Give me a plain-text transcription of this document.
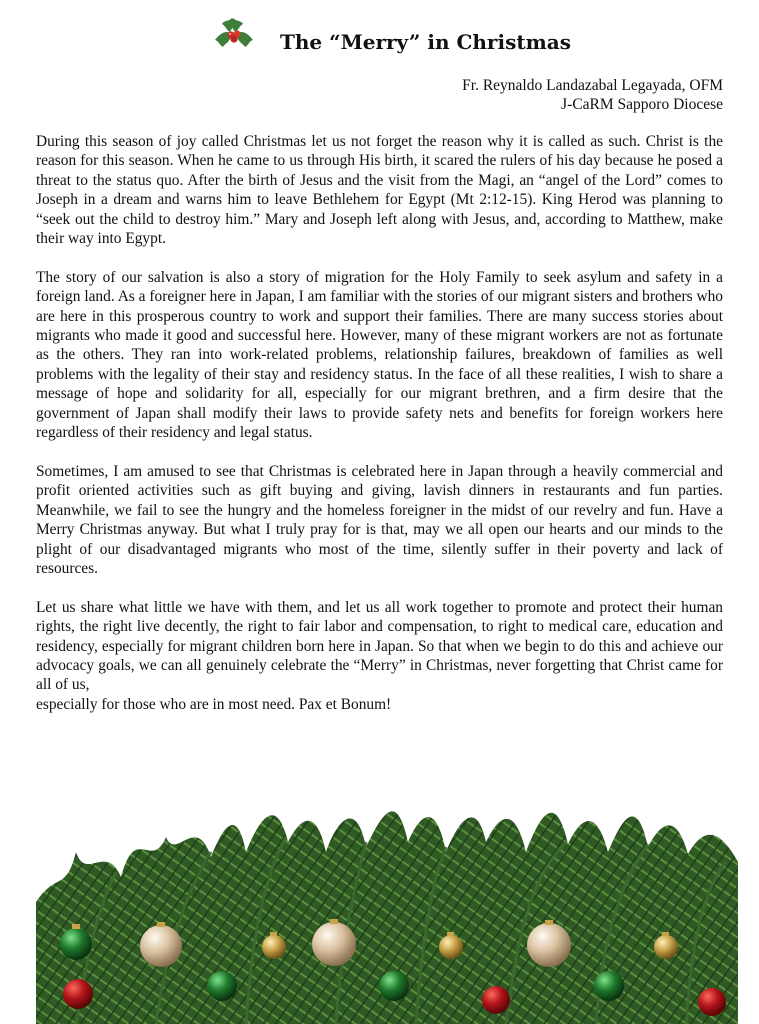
The “Merry” in Christmas
Fr. Reynaldo Landazabal Legayada, OFM
J-CaRM Sapporo Diocese

During this season of joy called Christmas let us not forget the reason why it is called as such. Christ is the reason for this season. When he came to us through His birth, it scared the rulers of his day because he posed a threat to the status quo. After the birth of Jesus and the visit from the Magi, an “angel of the Lord” comes to Joseph in a dream and warns him to leave Bethlehem for Egypt (Mt 2:12-15). King Herod was planning to “seek out the child to destroy him.” Mary and Joseph left along with Jesus, and, according to Matthew, make their way into Egypt.

The story of our salvation is also a story of migration for the Holy Family to seek asylum and safety in a foreign land. As a foreigner here in Japan, I am familiar with the stories of our migrant sisters and brothers who are here in this prosperous country to work and support their families. There are many success stories about migrants who made it good and successful here. However, many of these migrant workers are not as fortunate as the others. They ran into work-related problems, relationship failures, breakdown of families as well problems with the legality of their stay and residency status. In the face of all these realities, I wish to share a message of hope and solidarity for all, especially for our migrant brethren, and a firm desire that the government of Japan shall modify their laws to provide safety nets and benefits for foreign workers here regardless of their residency and legal status.

Sometimes, I am amused to see that Christmas is celebrated here in Japan through a heavily commercial and profit oriented activities such as gift buying and giving, lavish dinners in restaurants and fun parties. Meanwhile, we fail to see the hungry and the homeless foreigner in the midst of our revelry and fun. Have a Merry Christmas anyway. But what I truly pray for is that, may we all open our hearts and our minds to the plight of our disadvantaged migrants who most of the time, silently suffer in their poverty and lack of resources.

Let us share what little we have with them, and let us all work together to promote and protect their human rights, the right live decently, the right to fair labor and compensation, to right to medical care, education and residency, especially for migrant children born here in Japan. So that when we begin to do this and achieve our advocacy goals, we can all genuinely celebrate the “Merry” in Christmas, never forgetting that Christ came for all of us,
especially for those who are in most need. Pax et Bonum!
